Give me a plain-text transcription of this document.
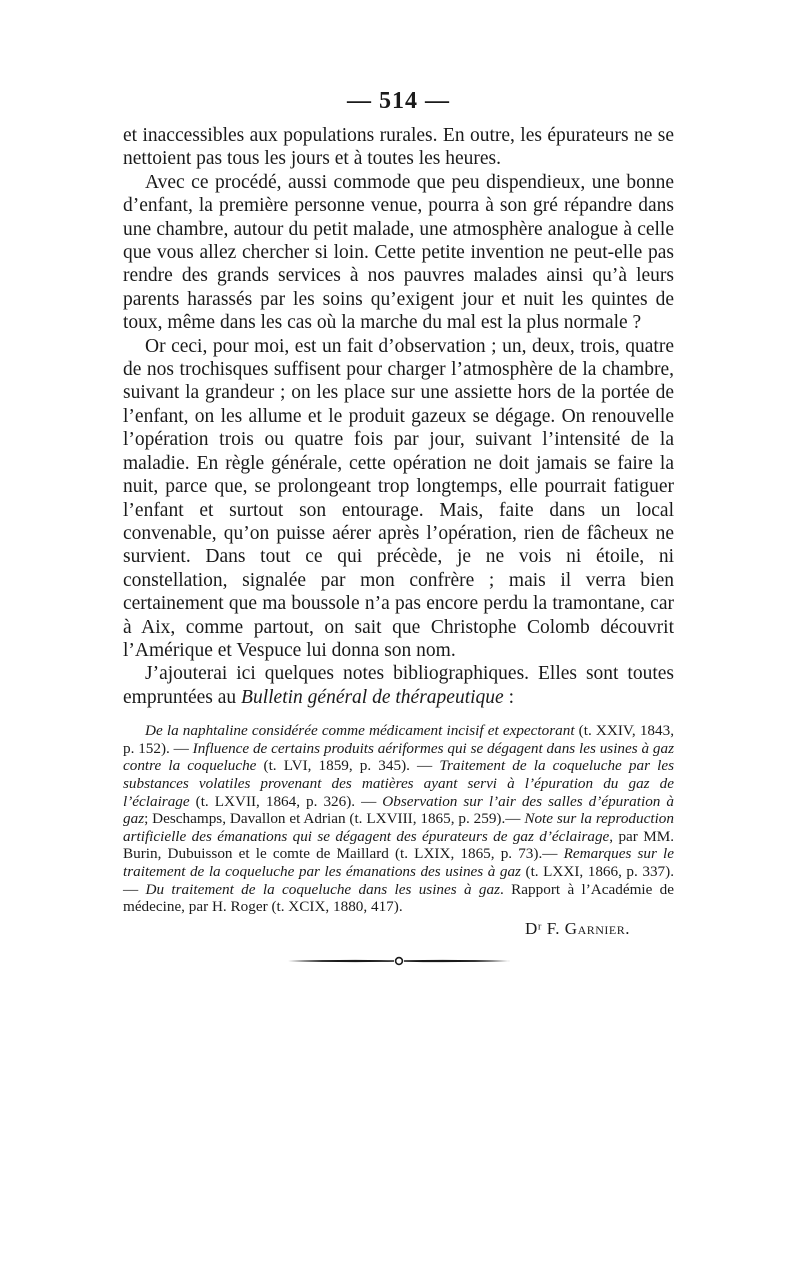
— 514 —

et inaccessibles aux populations rurales. En outre, les épurateurs ne se nettoient pas tous les jours et à toutes les heures.

Avec ce procédé, aussi commode que peu dispendieux, une bonne d’enfant, la première personne venue, pourra à son gré répandre dans une chambre, autour du petit malade, une atmosphère analogue à celle que vous allez chercher si loin. Cette petite invention ne peut-elle pas rendre des grands services à nos pauvres malades ainsi qu’à leurs parents harassés par les soins qu’exigent jour et nuit les quintes de toux, même dans les cas où la marche du mal est la plus normale ?

Or ceci, pour moi, est un fait d’observation ; un, deux, trois, quatre de nos trochisques suffisent pour charger l’atmosphère de la chambre, suivant la grandeur ; on les place sur une assiette hors de la portée de l’enfant, on les allume et le produit gazeux se dégage. On renouvelle l’opération trois ou quatre fois par jour, suivant l’intensité de la maladie. En règle générale, cette opération ne doit jamais se faire la nuit, parce que, se prolongeant trop longtemps, elle pourrait fatiguer l’enfant et surtout son entourage. Mais, faite dans un local convenable, qu’on puisse aérer après l’opération, rien de fâcheux ne survient. Dans tout ce qui précède, je ne vois ni étoile, ni constellation, signalée par mon confrère ; mais il verra bien certainement que ma boussole n’a pas encore perdu la tramontane, car à Aix, comme partout, on sait que Christophe Colomb découvrit l’Amérique et Vespuce lui donna son nom.

J’ajouterai ici quelques notes bibliographiques. Elles sont toutes empruntées au Bulletin général de thérapeutique :

De la naphtaline considérée comme médicament incisif et expectorant (t. XXIV, 1843, p. 152). — Influence de certains produits aériformes qui se dégagent dans les usines à gaz contre la coqueluche (t. LVI, 1859, p. 345). — Traitement de la coqueluche par les substances volatiles provenant des matières ayant servi à l’épuration du gaz de l’éclairage (t. LXVII, 1864, p. 326). — Observation sur l’air des salles d’épuration à gaz; Deschamps, Davallon et Adrian (t. LXVIII, 1865, p. 259).— Note sur la reproduction artificielle des émanations qui se dégagent des épurateurs de gaz d’éclairage, par MM. Burin, Dubuisson et le comte de Maillard (t. LXIX, 1865, p. 73).— Remarques sur le traitement de la coqueluche par les émanations des usines à gaz (t. LXXI, 1866, p. 337). — Du traitement de la coqueluche dans les usines à gaz. Rapport à l’Académie de médecine, par H. Roger (t. XCIX, 1880, 417).
Dʳ F. Garnier.
